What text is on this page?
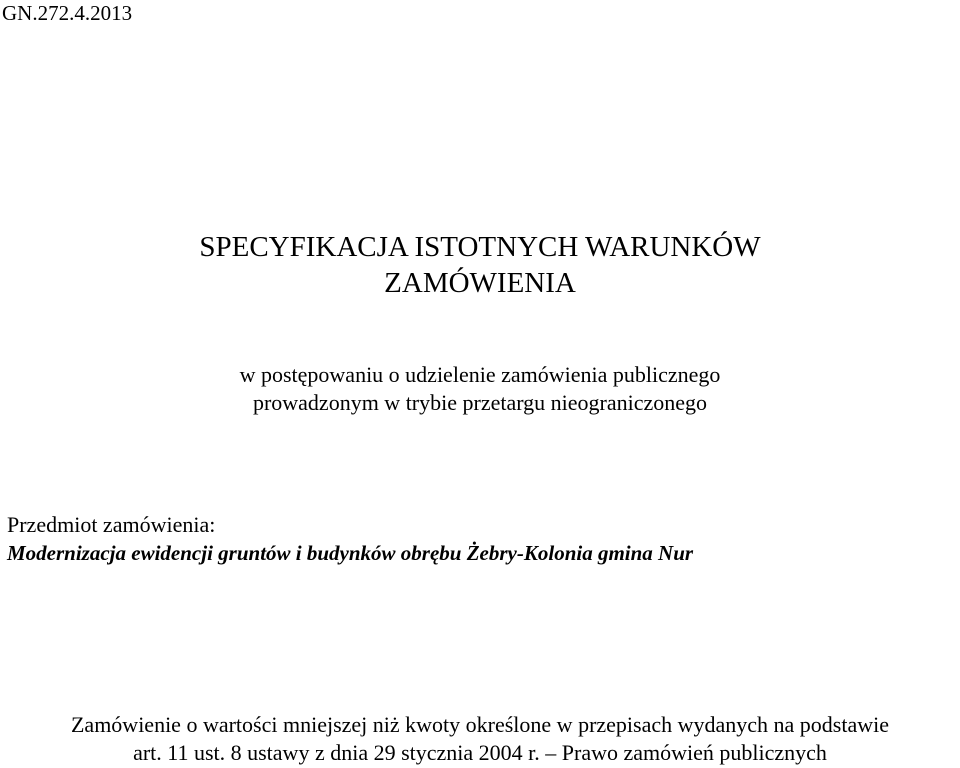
GN.272.4.2013
SPECYFIKACJA ISTOTNYCH WARUNKÓW
ZAMÓWIENIA
w postępowaniu o udzielenie zamówienia publicznego
prowadzonym w trybie przetargu nieograniczonego
Przedmiot zamówienia:
Modernizacja ewidencji gruntów i budynków obrębu Żebry-Kolonia gmina Nur
Zamówienie o wartości mniejszej niż kwoty określone w przepisach wydanych na podstawie
art. 11 ust. 8 ustawy z dnia 29 stycznia 2004 r. – Prawo zamówień publicznych
